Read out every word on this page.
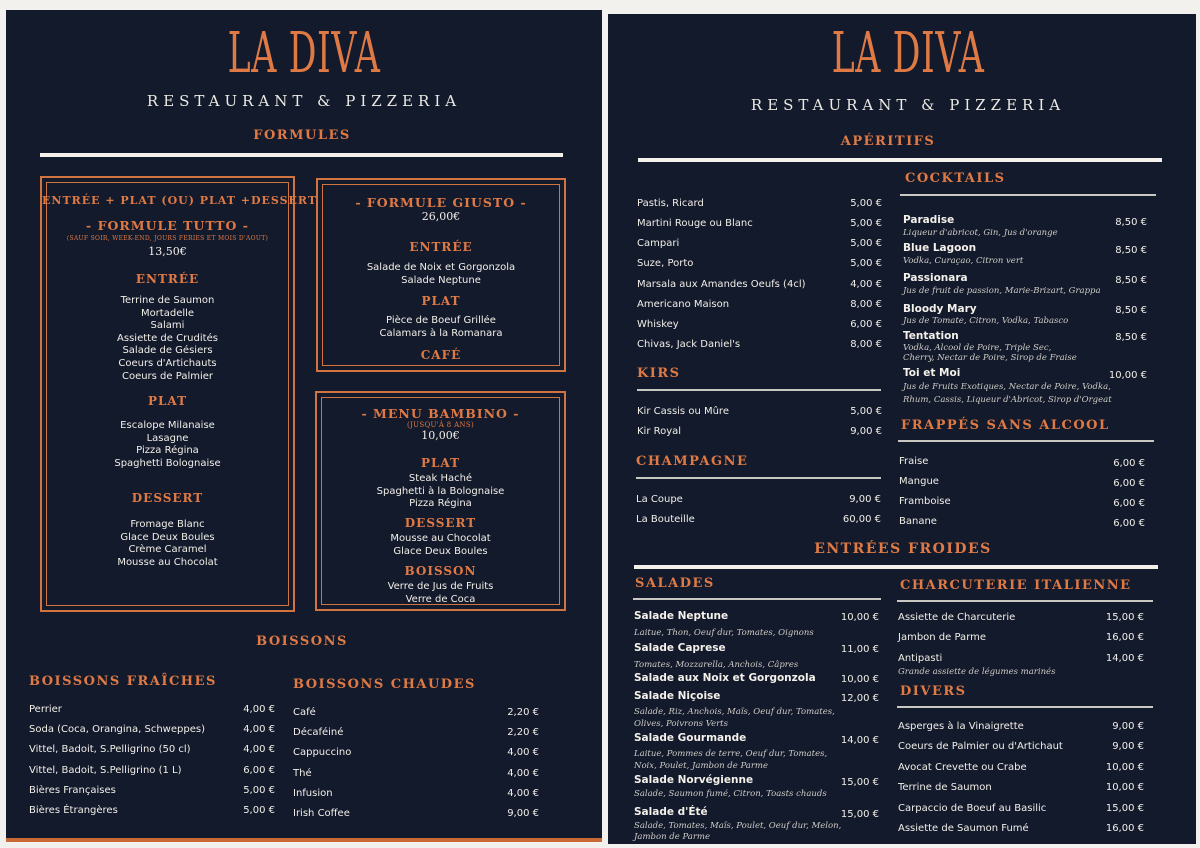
LA DIVA
RESTAURANT & PIZZERIA
FORMULES
ENTRÉE + PLAT (OU) PLAT +DESSERT
- FORMULE TUTTO -
(SAUF SOIR, WEEK-END, JOURS FERIES ET MOIS D'AOUT)
13,50€
ENTRÉE
Terrine de Saumon
Mortadelle
Salami
Assiette de Crudités
Salade de Gésiers
Coeurs d'Artichauts
Coeurs de Palmier
PLAT
Escalope Milanaise
Lasagne
Pizza Régina
Spaghetti Bolognaise
DESSERT
Fromage Blanc
Glace Deux Boules
Crème Caramel
Mousse au Chocolat
- FORMULE GIUSTO -
26,00€
ENTRÉE
Salade de Noix et Gorgonzola
Salade Neptune
PLAT
Pièce de Boeuf Grillée
Calamars à la Romanara
CAFÉ
- MENU BAMBINO -
(JUSQU'À 8 ANS)
10,00€
PLAT
Steak Haché
Spaghetti à la Bolognaise
Pizza Régina
DESSERT
Mousse au Chocolat
Glace Deux Boules
BOISSON
Verre de Jus de Fruits
Verre de Coca
BOISSONS
BOISSONS FRAÎCHES
Perrier	4,00 €
Soda (Coca, Orangina, Schweppes)	4,00 €
Vittel, Badoit, S.Pelligrino (50 cl)	4,00 €
Vittel, Badoit, S.Pelligrino (1 L)	6,00 €
Bières Françaises	5,00 €
Bières Étrangères	5,00 €
BOISSONS CHAUDES
Café	2,20 €
Décaféiné	2,20 €
Cappuccino	4,00 €
Thé	4,00 €
Infusion	4,00 €
Irish Coffee	9,00 €
LA DIVA
RESTAURANT & PIZZERIA
APÉRITIFS
Pastis, Ricard	5,00 €
Martini Rouge ou Blanc	5,00 €
Campari	5,00 €
Suze, Porto	5,00 €
Marsala aux Amandes Oeufs (4cl)	4,00 €
Americano Maison	8,00 €
Whiskey	6,00 €
Chivas, Jack Daniel's	8,00 €
KIRS
Kir Cassis ou Mûre	5,00 €
Kir Royal	9,00 €
CHAMPAGNE
La Coupe	9,00 €
La Bouteille	60,00 €
COCKTAILS
Paradise	8,50 €
Liqueur d'abricot, Gin, Jus d'orange
Blue Lagoon	8,50 €
Vodka, Curaçao, Citron vert
Passionara	8,50 €
Jus de fruit de passion, Marie-Brizart, Grappa
Bloody Mary	8,50 €
Jus de Tomate, Citron, Vodka, Tabasco
Tentation	8,50 €
Vodka, Alcool de Poire, Triple Sec,
Cherry, Nectar de Poire, Sirop de Fraise
Toi et Moi	10,00 €
Jus de Fruits Exotiques, Nectar de Poire, Vodka,
Rhum, Cassis, Liqueur d'Abricot, Sirop d'Orgeat
FRAPPÉS SANS ALCOOL
Fraise	6,00 €
Mangue	6,00 €
Framboise	6,00 €
Banane	6,00 €
ENTRÉES FROIDES
SALADES
Salade Neptune	10,00 €
Laitue, Thon, Oeuf dur, Tomates, Oignons
Salade Caprese	11,00 €
Tomates, Mozzarella, Anchois, Câpres
Salade aux Noix et Gorgonzola	10,00 €
Salade Niçoise	12,00 €
Salade, Riz, Anchois, Maïs, Oeuf dur, Tomates,
Olives, Poivrons Verts
Salade Gourmande	14,00 €
Laitue, Pommes de terre, Oeuf dur, Tomates,
Noix, Poulet, Jambon de Parme
Salade Norvégienne	15,00 €
Salade, Saumon fumé, Citron, Toasts chauds
Salade d'Été	15,00 €
Salade, Tomates, Maïs, Poulet, Oeuf dur, Melon,
Jambon de Parme
CHARCUTERIE ITALIENNE
Assiette de Charcuterie	15,00 €
Jambon de Parme	16,00 €
Antipasti	14,00 €
Grande assiette de légumes marinés
DIVERS
Asperges à la Vinaigrette	9,00 €
Coeurs de Palmier ou d'Artichaut	9,00 €
Avocat Crevette ou Crabe	10,00 €
Terrine de Saumon	10,00 €
Carpaccio de Boeuf au Basilic	15,00 €
Assiette de Saumon Fumé	16,00 €
